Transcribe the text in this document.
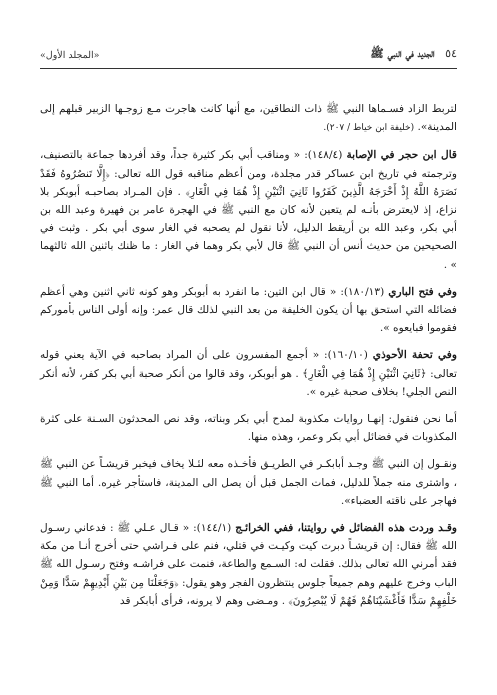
٥٤   الجديد في النبي ﷺ
«المجلد الأول»

لتربط الزاد فسـماها النبي ﷺ ذات النطاقين، مع أنها كانت هاجرت مـع زوجـها الزبير قبلهم إلى المدينة». (خليفة ابن خياط / ٢٠٧).

قال ابن حجر في الإصابة (١٤٨/٤): « ومناقب أبي بكر كثيرة جداً، وقد أفردها جماعة بالتصنيف، وترجمته في تاريخ ابن عساكر قدر مجلدة، ومن أعظم مناقبه قول الله تعالى: ﴿إِلَّا تَنصُرُوهُ فَقَدْ نَصَرَهُ اللَّهُ إِذْ أَخْرَجَهُ الَّذِينَ كَفَرُوا ثَانِيَ اثْنَيْنِ إِذْ هُمَا فِي الْغَارِ﴾ . فإن المـراد بصاحبـه أبوبكر بلا نزاع، إذ لايعترض بأنـه لم يتعين لأنه كان مع النبي ﷺ في الهجرة عامر بن فهيرة وعبد الله بن أبي بكر، وعبد الله بن أريقط الدليل، لأنا نقول لم يصحبه في الغار سوى أبي بكر . وثبت في الصحيحين من حديث أنس أن النبي ﷺ قال لأبي بكر وهما في الغار : ما ظنك باثنين الله ثالثهما » .

وفي فتح الباري (١٨٠/١٣): « قال ابن التين: ما انفرد به أبوبكر وهو كونه ثاني اثنين وهي أعظم فضائله التي استحق بها أن يكون الخليفة من بعد النبي لذلك قال عمر: وإنه أولى الناس بأموركم فقوموا فبايعوه ».

وفي تحفة الأحوذي (١٦٠/١٠): « أجمع المفسرون على أن المراد بصاحبه في الآية يعني قوله تعالى: ﴿ثَانِيَ اثْنَيْنِ إِذْ هُمَا فِي الْغَارِ﴾ . هو أبوبكر، وقد قالوا من أنكر صحبة أبي بكر كفر، لأنه أنكر النص الجلي! بخلاف صحبة غيره ».

أما نحن فنقول: إنهـا روايات مكذوبة لمدح أبي بكر وبناته، وقد نص المحدثون السـنة على كثرة المكذوبات في فضائل أبي بكر وعمر، وهذه منها.

ونقـول إن النبي ﷺ وجـد أبابكـر في الطريـق فأخـذه معه لئـلا يخاف فيخبر قريشـاً عن النبي ﷺ ، واشترى منه جملاً للدليل، فمات الجمل قبل أن يصل الى المدينة، فاستأجر غيره. أما النبي ﷺ فهاجر على ناقته العضباء».

وقـد وردت هذه الفضائل في روايتنا، ففي الخرائـج (١٤٤/١): « قـال عـلي ﷺ : فدعاني رسـول الله ﷺ فقال: إن قريشـاً دبرت كيت وكيـت في قتلي، فنم على فـراشي حتى أخرج أنـا من مكة فقد أمرني الله تعالى بذلك. فقلت له: السـمع والطاعة، فنمت على فراشـه وفتح رسـول الله ﷺ الباب وخرج عليهم وهم جميعاً جلوس ينتظرون الفجر وهو يقول: ﴿وَجَعَلْنَا مِن بَيْنِ أَيْدِيهِمْ سَدًّا وَمِنْ خَلْفِهِمْ سَدًّا فَأَغْشَيْنَاهُمْ فَهُمْ لَا يُبْصِرُونَ﴾ . ومـضى وهم لا يرونه، فرأى أبابكر قد
